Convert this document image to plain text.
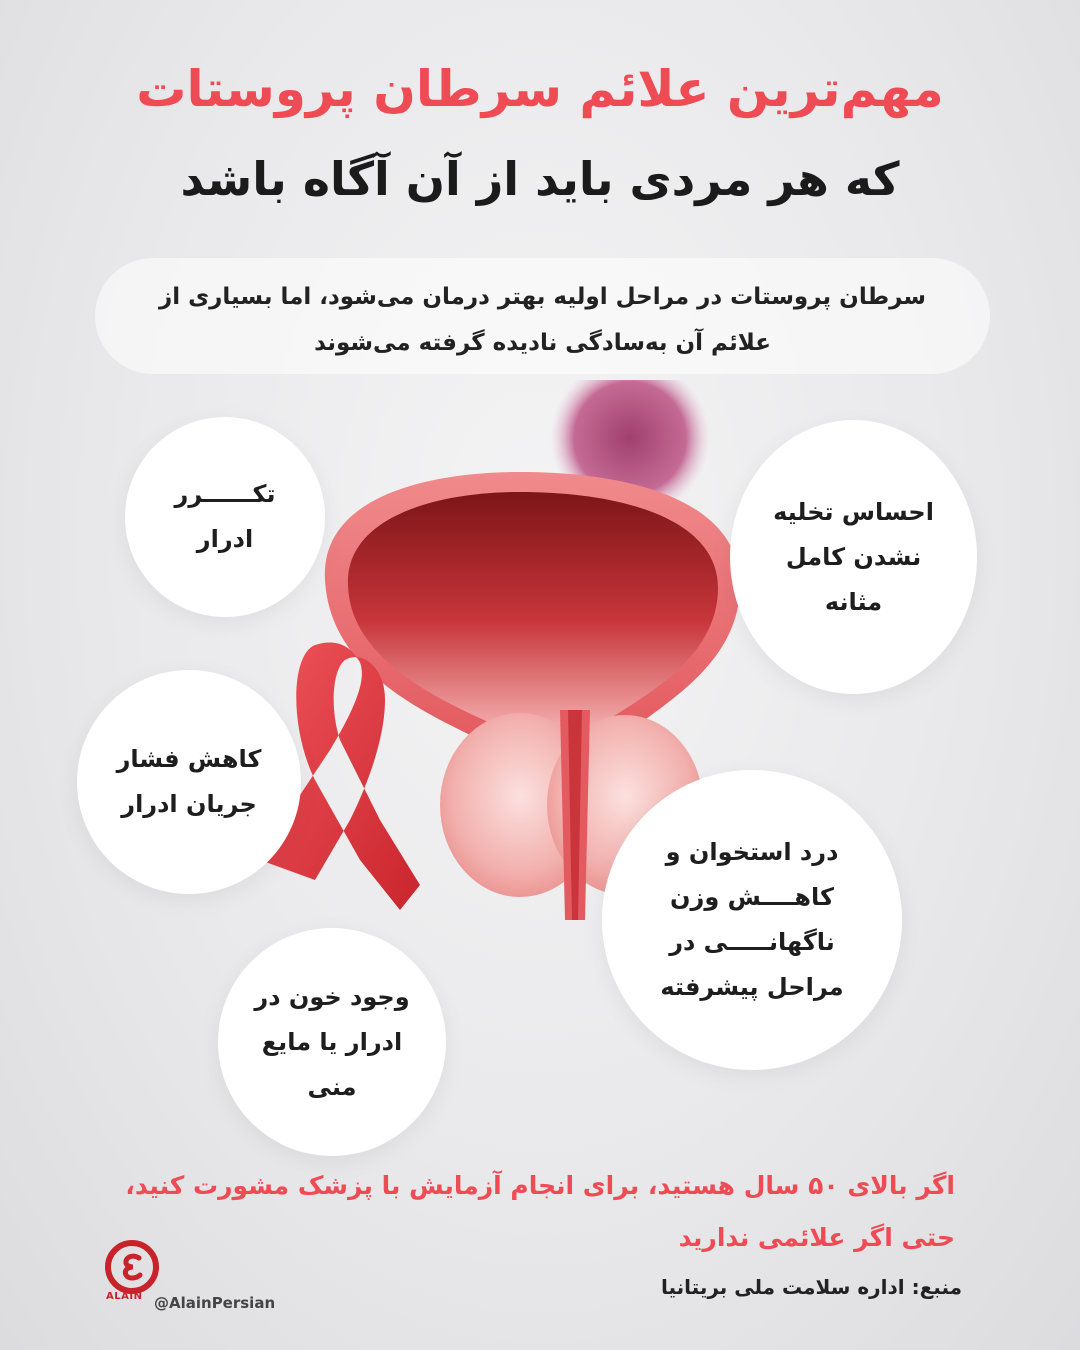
مهم‌ترین علائم سرطان پروستات
که هر مردی باید از آن آگاه باشد
سرطان پروستات در مراحل اولیه بهتر درمان می‌شود، اما بسیاری از
علائم آن به‌سادگی نادیده گرفته می‌شوند
تکــــــرر
ادرار
احساس تخلیه
نشدن کامل
مثانه
کاهش فشار
جریان ادرار
درد استخوان و
کاهــــش وزن
ناگهانـــــی در
مراحل پیشرفته
وجود خون در
ادرار یا مایع
منی
اگر بالای ۵۰ سال هستید، برای انجام آزمایش با پزشک مشورت کنید،
حتی اگر علائمی ندارید
منبع: اداره سلامت ملی بریتانیا
ALAIN @AlainPersian
